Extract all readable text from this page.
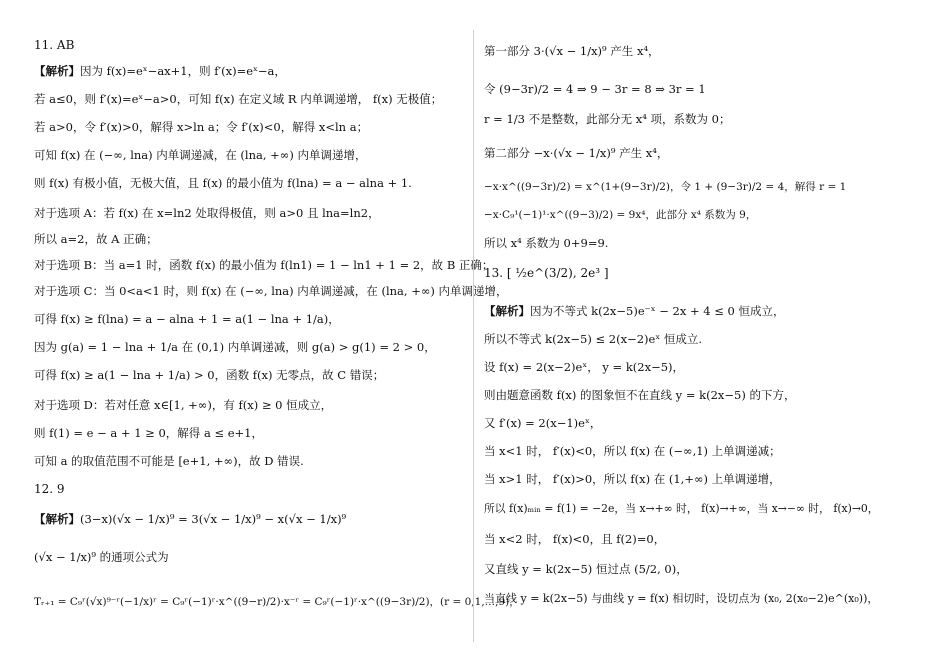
11. AB
【解析】因为 f(x)=eˣ−ax+1，则 f′(x)=eˣ−a，
若 a≤0，则 f′(x)=eˣ−a>0，可知 f(x) 在定义域 R 内单调递增， f(x) 无极值；
若 a>0，令 f′(x)>0，解得 x>ln a；令 f′(x)<0，解得 x<ln a；
可知 f(x) 在 (−∞, lna) 内单调递减，在 (lna, +∞) 内单调递增，
则 f(x) 有极小值，无极大值，且 f(x) 的最小值为 f(lna) = a − alna + 1.
对于选项 A：若 f(x) 在 x=ln2 处取得极值，则 a>0 且 lna=ln2，
所以 a=2，故 A 正确；
对于选项 B：当 a=1 时，函数 f(x) 的最小值为 f(ln1) = 1 − ln1 + 1 = 2，故 B 正确；
对于选项 C：当 0<a<1 时，则 f(x) 在 (−∞, lna) 内单调递减，在 (lna, +∞) 内单调递增，
可得 f(x) ≥ f(lna) = a − alna + 1 = a(1 − lna + 1/a)，
因为 g(a) = 1 − lna + 1/a 在 (0,1) 内单调递减，则 g(a) > g(1) = 2 > 0，
可得 f(x) ≥ a(1 − lna + 1/a) > 0，函数 f(x) 无零点，故 C 错误；
对于选项 D：若对任意 x∈[1, +∞)，有 f(x) ≥ 0 恒成立，
则 f(1) = e − a + 1 ≥ 0，解得 a ≤ e+1，
可知 a 的取值范围不可能是 [e+1, +∞)，故 D 错误.
12. 9
【解析】(3−x)(√x − 1/x)⁹ = 3(√x − 1/x)⁹ − x(√x − 1/x)⁹
(√x − 1/x)⁹ 的通项公式为
Tᵣ₊₁ = C₉ʳ(√x)⁹⁻ʳ(−1/x)ʳ = C₉ʳ(−1)ʳ·x^((9−r)/2)·x⁻ʳ = C₉ʳ(−1)ʳ·x^((9−3r)/2)，(r = 0,1,…,9)，
第一部分 3·(√x − 1/x)⁹ 产生 x⁴，
令 (9−3r)/2 = 4 ⇒ 9 − 3r = 8 ⇒ 3r = 1
r = 1/3 不是整数，此部分无 x⁴ 项，系数为 0；
第二部分 −x·(√x − 1/x)⁹ 产生 x⁴，
−x·x^((9−3r)/2) = x^(1+(9−3r)/2)，令 1 + (9−3r)/2 = 4，解得 r = 1
−x·C₉¹(−1)¹·x^((9−3)/2) = 9x⁴，此部分 x⁴ 系数为 9，
所以 x⁴ 系数为 0+9=9.
13. [ ½e^(3/2), 2e³ ]
【解析】因为不等式 k(2x−5)e⁻ˣ − 2x + 4 ≤ 0 恒成立，
所以不等式 k(2x−5) ≤ 2(x−2)eˣ 恒成立.
设 f(x) = 2(x−2)eˣ， y = k(2x−5)，
则由题意函数 f(x) 的图象恒不在直线 y = k(2x−5) 的下方，
又 f′(x) = 2(x−1)eˣ，
当 x<1 时， f′(x)<0，所以 f(x) 在 (−∞,1) 上单调递减；
当 x>1 时， f′(x)>0，所以 f(x) 在 (1,+∞) 上单调递增，
所以 f(x)ₘᵢₙ = f(1) = −2e，当 x→+∞ 时， f(x)→+∞，当 x→−∞ 时， f(x)→0，
当 x<2 时， f(x)<0，且 f(2)=0，
又直线 y = k(2x−5) 恒过点 (5/2, 0)，
当直线 y = k(2x−5) 与曲线 y = f(x) 相切时，设切点为 (x₀, 2(x₀−2)e^(x₀))，
